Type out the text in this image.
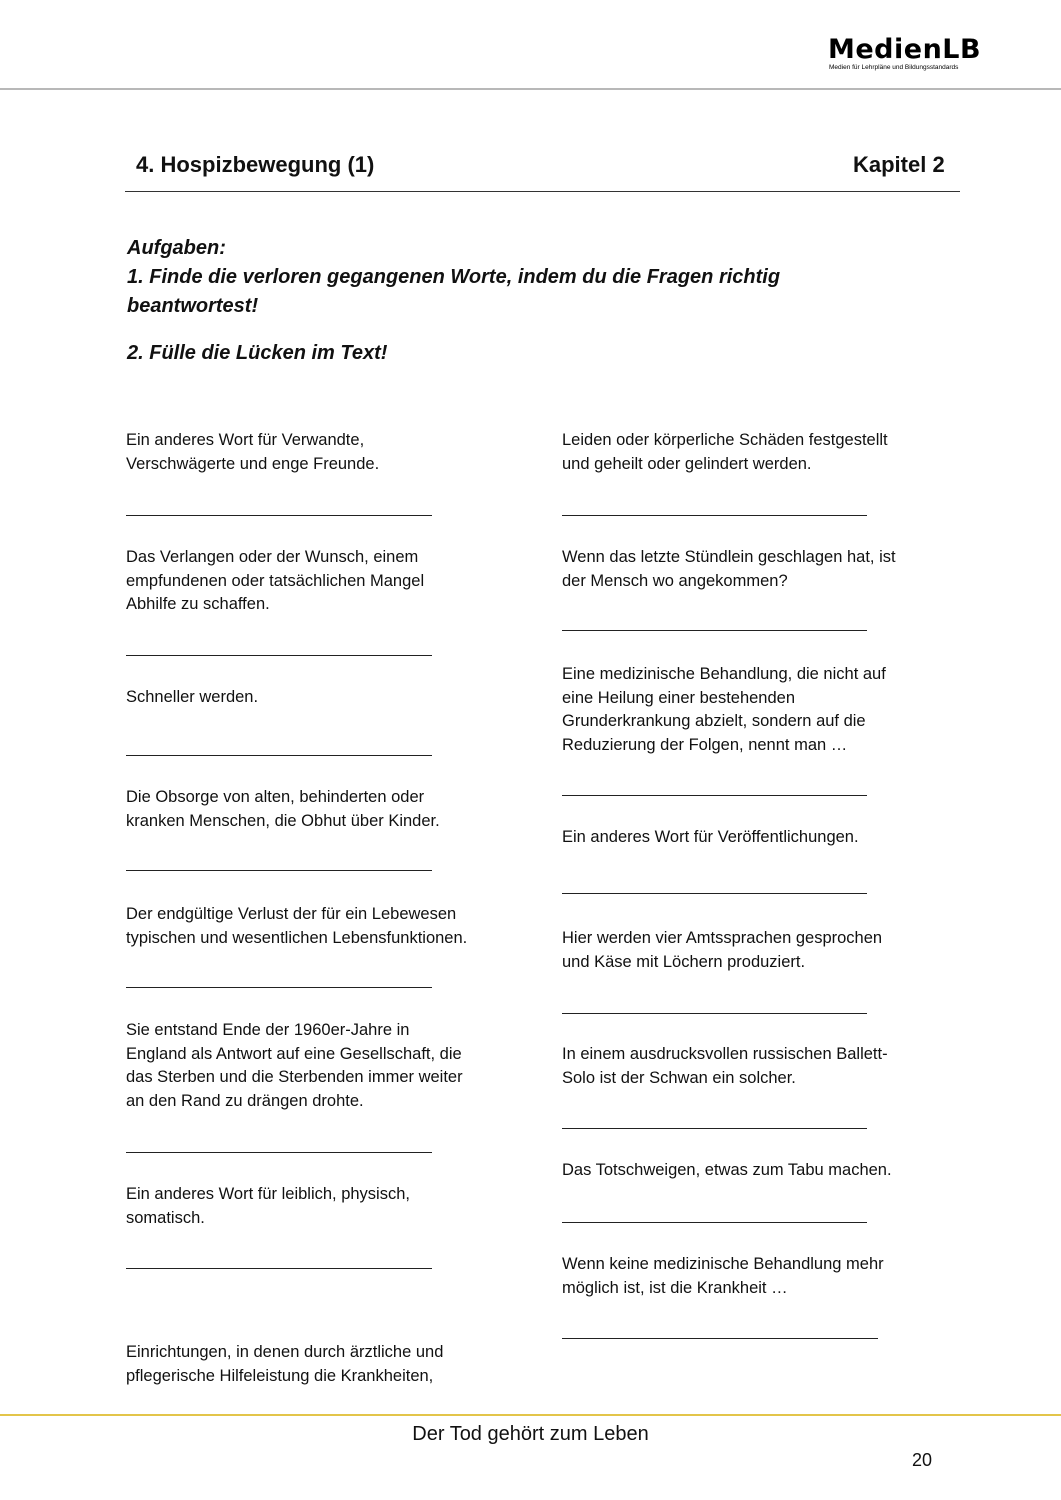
MedienLB
Medien für Lehrpläne und Bildungsstandards
4. Hospizbewegung (1)	Kapitel 2
Aufgaben:
1. Finde die verloren gegangenen Worte, indem du die Fragen richtig
beantwortest!
2. Fülle die Lücken im Text!
Ein anderes Wort für Verwandte,
Verschwägerte und enge Freunde.
Das Verlangen oder der Wunsch, einem
empfundenen oder tatsächlichen Mangel
Abhilfe zu schaffen.
Schneller werden.
Die Obsorge von alten, behinderten oder
kranken Menschen, die Obhut über Kinder.
Der endgültige Verlust der für ein Lebewesen
typischen und wesentlichen Lebensfunktionen.
Sie entstand Ende der 1960er-Jahre in
England als Antwort auf eine Gesellschaft, die
das Sterben und die Sterbenden immer weiter
an den Rand zu drängen drohte.
Ein anderes Wort für leiblich, physisch,
somatisch.
Einrichtungen, in denen durch ärztliche und
pflegerische Hilfeleistung die Krankheiten,
Leiden oder körperliche Schäden festgestellt
und geheilt oder gelindert werden.
Wenn das letzte Stündlein geschlagen hat, ist
der Mensch wo angekommen?
Eine medizinische Behandlung, die nicht auf
eine Heilung einer bestehenden
Grunderkrankung abzielt, sondern auf die
Reduzierung der Folgen, nennt man …
Ein anderes Wort für Veröffentlichungen.
Hier werden vier Amtssprachen gesprochen
und Käse mit Löchern produziert.
In einem ausdrucksvollen russischen Ballett-
Solo ist der Schwan ein solcher.
Das Totschweigen, etwas zum Tabu machen.
Wenn keine medizinische Behandlung mehr
möglich ist, ist die Krankheit …
Der Tod gehört zum Leben
20
